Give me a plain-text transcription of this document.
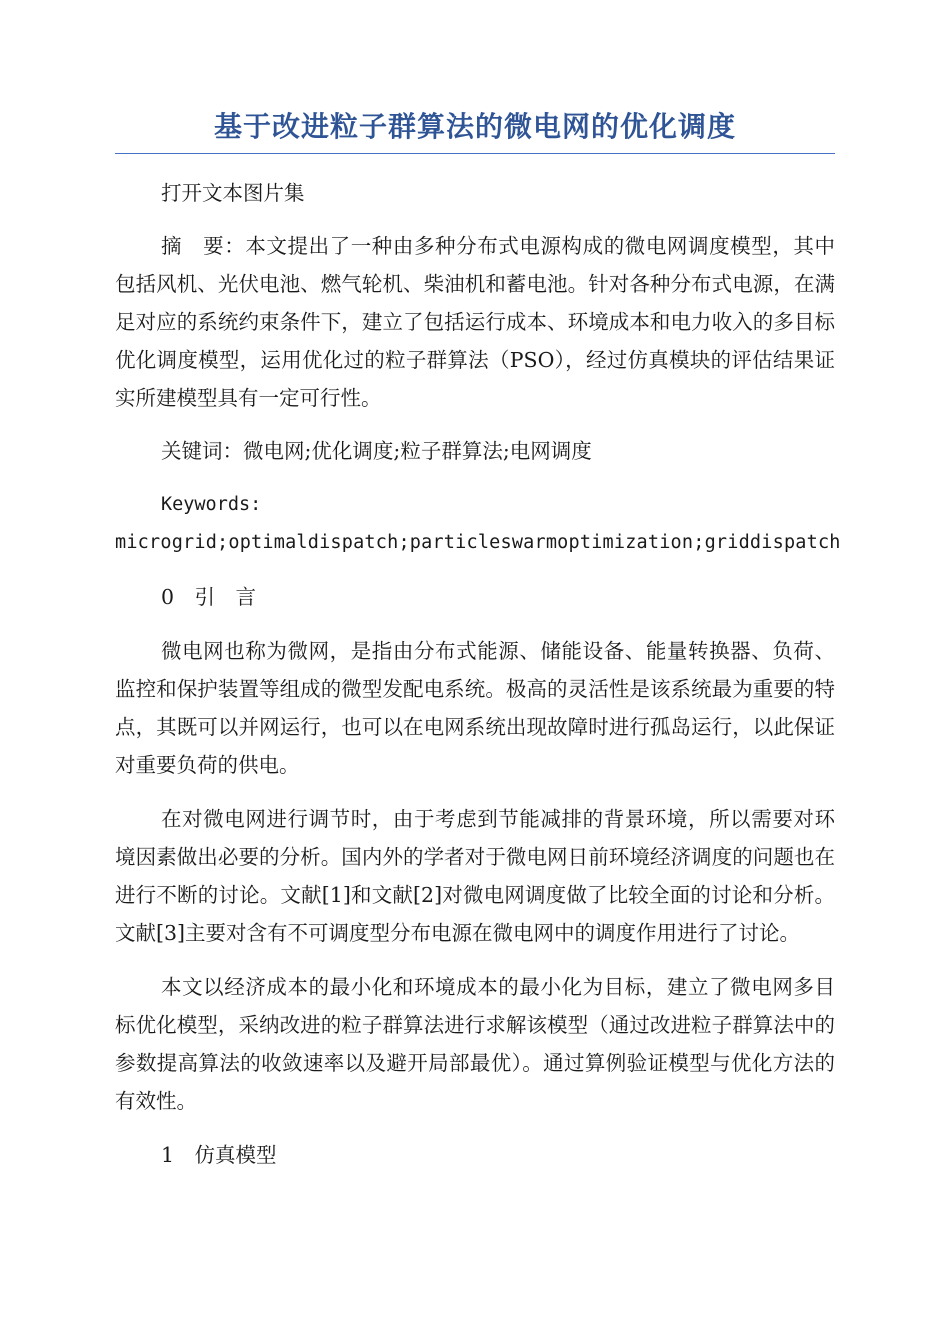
基于改进粒子群算法的微电网的优化调度

打开文本图片集

摘　要：本文提出了一种由多种分布式电源构成的微电网调度模型，其中包括风机、光伏电池、燃气轮机、柴油机和蓄电池。针对各种分布式电源，在满足对应的系统约束条件下，建立了包括运行成本、环境成本和电力收入的多目标优化调度模型，运用优化过的粒子群算法（PSO），经过仿真模块的评估结果证实所建模型具有一定可行性。

关键词：微电网;优化调度;粒子群算法;电网调度

Keywords:
microgrid;optimaldispatch;particleswarmoptimization;griddispatch

0　引　言

微电网也称为微网，是指由分布式能源、储能设备、能量转换器、负荷、监控和保护装置等组成的微型发配电系统。极高的灵活性是该系统最为重要的特点，其既可以并网运行，也可以在电网系统出现故障时进行孤岛运行，以此保证对重要负荷的供电。

在对微电网进行调节时，由于考虑到节能减排的背景环境，所以需要对环境因素做出必要的分析。国内外的学者对于微电网日前环境经济调度的问题也在进行不断的讨论。文献[1]和文献[2]对微电网调度做了比较全面的讨论和分析。文献[3]主要对含有不可调度型分布电源在微电网中的调度作用进行了讨论。

本文以经济成本的最小化和环境成本的最小化为目标，建立了微电网多目标优化模型，采纳改进的粒子群算法进行求解该模型（通过改进粒子群算法中的参数提高算法的收敛速率以及避开局部最优）。通过算例验证模型与优化方法的有效性。

1　仿真模型
